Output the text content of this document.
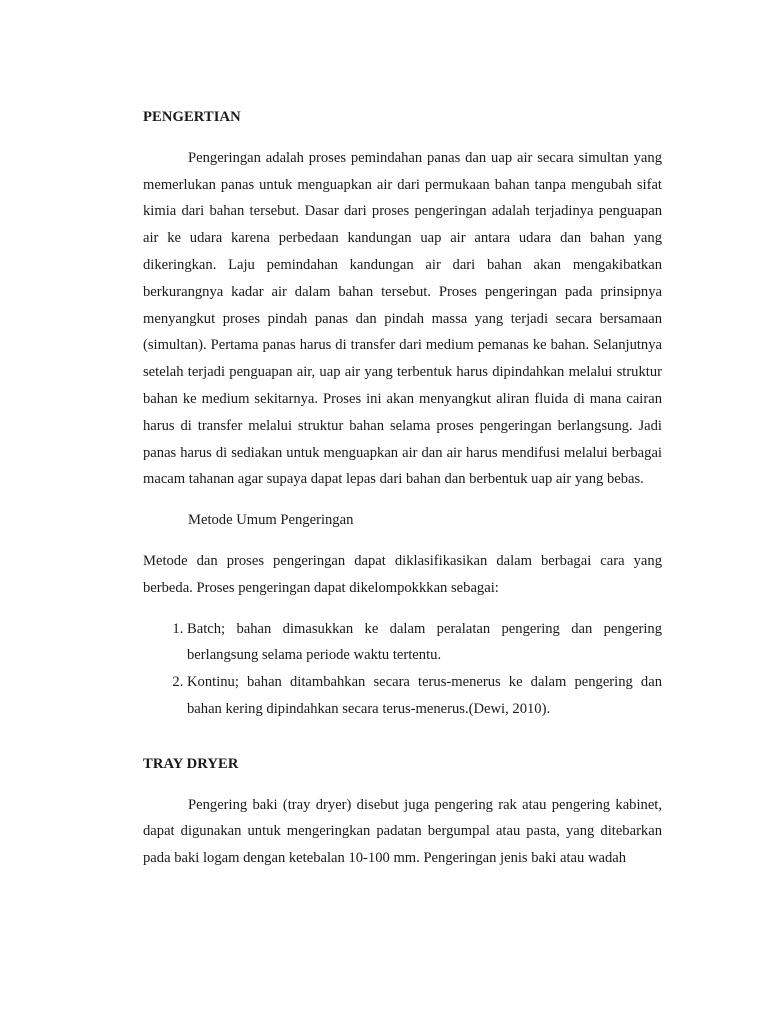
PENGERTIAN

Pengeringan adalah proses pemindahan panas dan uap air secara simultan yang memerlukan panas untuk menguapkan air dari permukaan bahan tanpa mengubah sifat kimia dari bahan tersebut. Dasar dari proses pengeringan adalah terjadinya penguapan air ke udara karena perbedaan kandungan uap air antara udara dan bahan yang dikeringkan. Laju pemindahan kandungan air dari bahan akan mengakibatkan berkurangnya kadar air dalam bahan tersebut. Proses pengeringan pada prinsipnya menyangkut proses pindah panas dan pindah massa yang terjadi secara bersamaan (simultan). Pertama panas harus di transfer dari medium pemanas ke bahan. Selanjutnya setelah terjadi penguapan air, uap air yang terbentuk harus dipindahkan melalui struktur bahan ke medium sekitarnya. Proses ini akan menyangkut aliran fluida di mana cairan harus di transfer melalui struktur bahan selama proses pengeringan berlangsung. Jadi panas harus di sediakan untuk menguapkan air dan air harus mendifusi melalui berbagai macam tahanan agar supaya dapat lepas dari bahan dan berbentuk uap air yang bebas.

Metode Umum Pengeringan

Metode dan proses pengeringan dapat diklasifikasikan dalam berbagai cara yang berbeda. Proses pengeringan dapat dikelompokkkan sebagai:

1. Batch; bahan dimasukkan ke dalam peralatan pengering dan pengering berlangsung selama periode waktu tertentu.
2. Kontinu; bahan ditambahkan secara terus-menerus ke dalam pengering dan bahan kering dipindahkan secara terus-menerus.(Dewi, 2010).
TRAY DRYER

Pengering baki (tray dryer) disebut juga pengering rak atau pengering kabinet, dapat digunakan untuk mengeringkan padatan bergumpal atau pasta, yang ditebarkan pada baki logam dengan ketebalan 10-100 mm. Pengeringan jenis baki atau wadah
